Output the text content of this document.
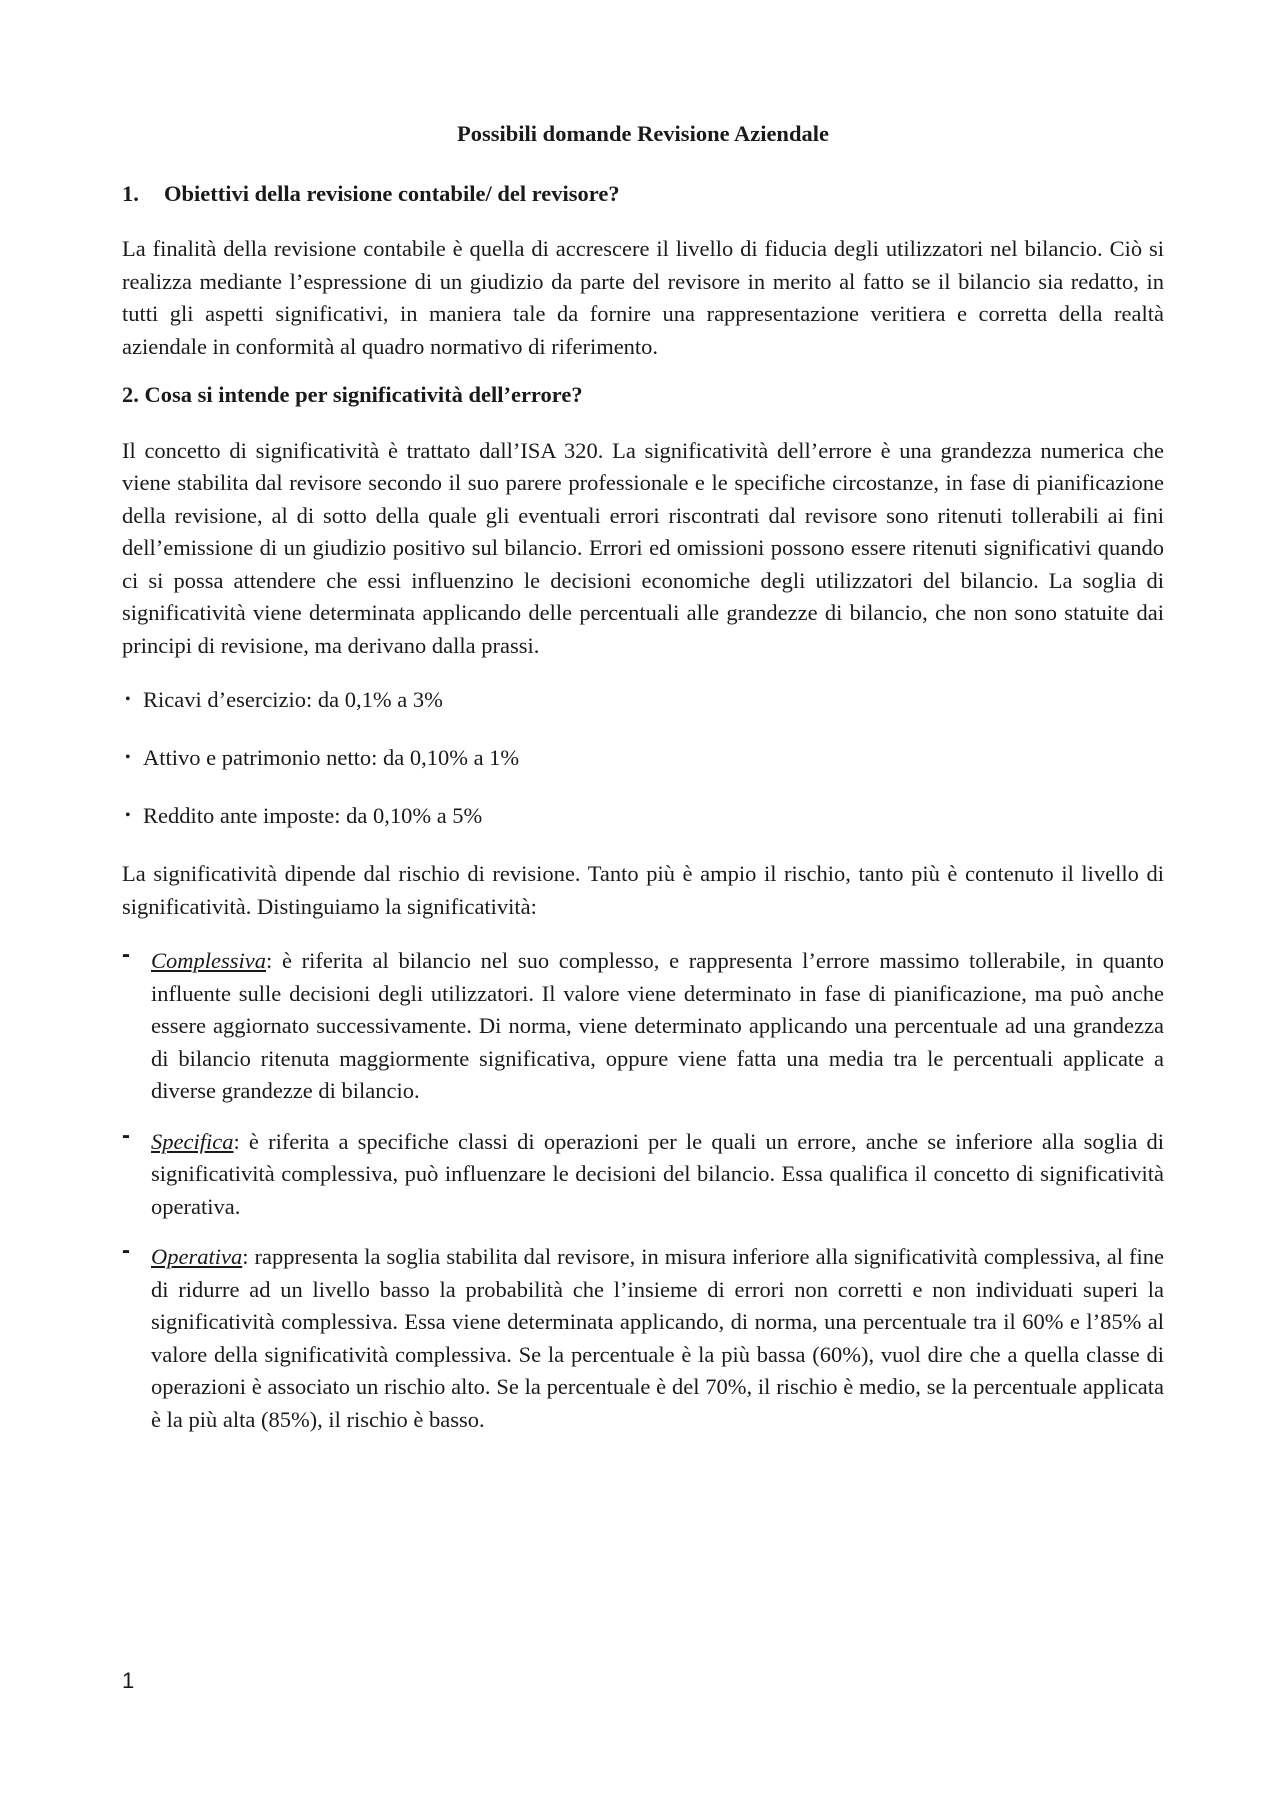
Possibili domande Revisione Aziendale
1. Obiettivi della revisione contabile/ del revisore?

La finalità della revisione contabile è quella di accrescere il livello di fiducia degli utilizzatori nel bilancio. Ciò si realizza mediante l’espressione di un giudizio da parte del revisore in merito al fatto se il bilancio sia redatto, in tutti gli aspetti significativi, in maniera tale da fornire una rappresentazione veritiera e corretta della realtà aziendale in conformità al quadro normativo di riferimento.

2. Cosa si intende per significatività dell’errore?

Il concetto di significatività è trattato dall’ISA 320. La significatività dell’errore è una grandezza numerica che viene stabilita dal revisore secondo il suo parere professionale e le specifiche circostanze, in fase di pianificazione della revisione, al di sotto della quale gli eventuali errori riscontrati dal revisore sono ritenuti tollerabili ai fini dell’emissione di un giudizio positivo sul bilancio. Errori ed omissioni possono essere ritenuti significativi quando ci si possa attendere che essi influenzino le decisioni economiche degli utilizzatori del bilancio. La soglia di significatività viene determinata applicando delle percentuali alle grandezze di bilancio, che non sono statuite dai principi di revisione, ma derivano dalla prassi.

• Ricavi d’esercizio: da 0,1% a 3%
• Attivo e patrimonio netto: da 0,10% a 1%
• Reddito ante imposte: da 0,10% a 5%

La significatività dipende dal rischio di revisione. Tanto più è ampio il rischio, tanto più è contenuto il livello di significatività. Distinguiamo la significatività:

- Complessiva: è riferita al bilancio nel suo complesso, e rappresenta l’errore massimo tollerabile, in quanto influente sulle decisioni degli utilizzatori. Il valore viene determinato in fase di pianificazione, ma può anche essere aggiornato successivamente. Di norma, viene determinato applicando una percentuale ad una grandezza di bilancio ritenuta maggiormente significativa, oppure viene fatta una media tra le percentuali applicate a diverse grandezze di bilancio.
- Specifica: è riferita a specifiche classi di operazioni per le quali un errore, anche se inferiore alla soglia di significatività complessiva, può influenzare le decisioni del bilancio. Essa qualifica il concetto di significatività operativa.
- Operativa: rappresenta la soglia stabilita dal revisore, in misura inferiore alla significatività complessiva, al fine di ridurre ad un livello basso la probabilità che l’insieme di errori non corretti e non individuati superi la significatività complessiva. Essa viene determinata applicando, di norma, una percentuale tra il 60% e l’85% al valore della significatività complessiva. Se la percentuale è la più bassa (60%), vuol dire che a quella classe di operazioni è associato un rischio alto. Se la percentuale è del 70%, il rischio è medio, se la percentuale applicata è la più alta (85%), il rischio è basso.
1
